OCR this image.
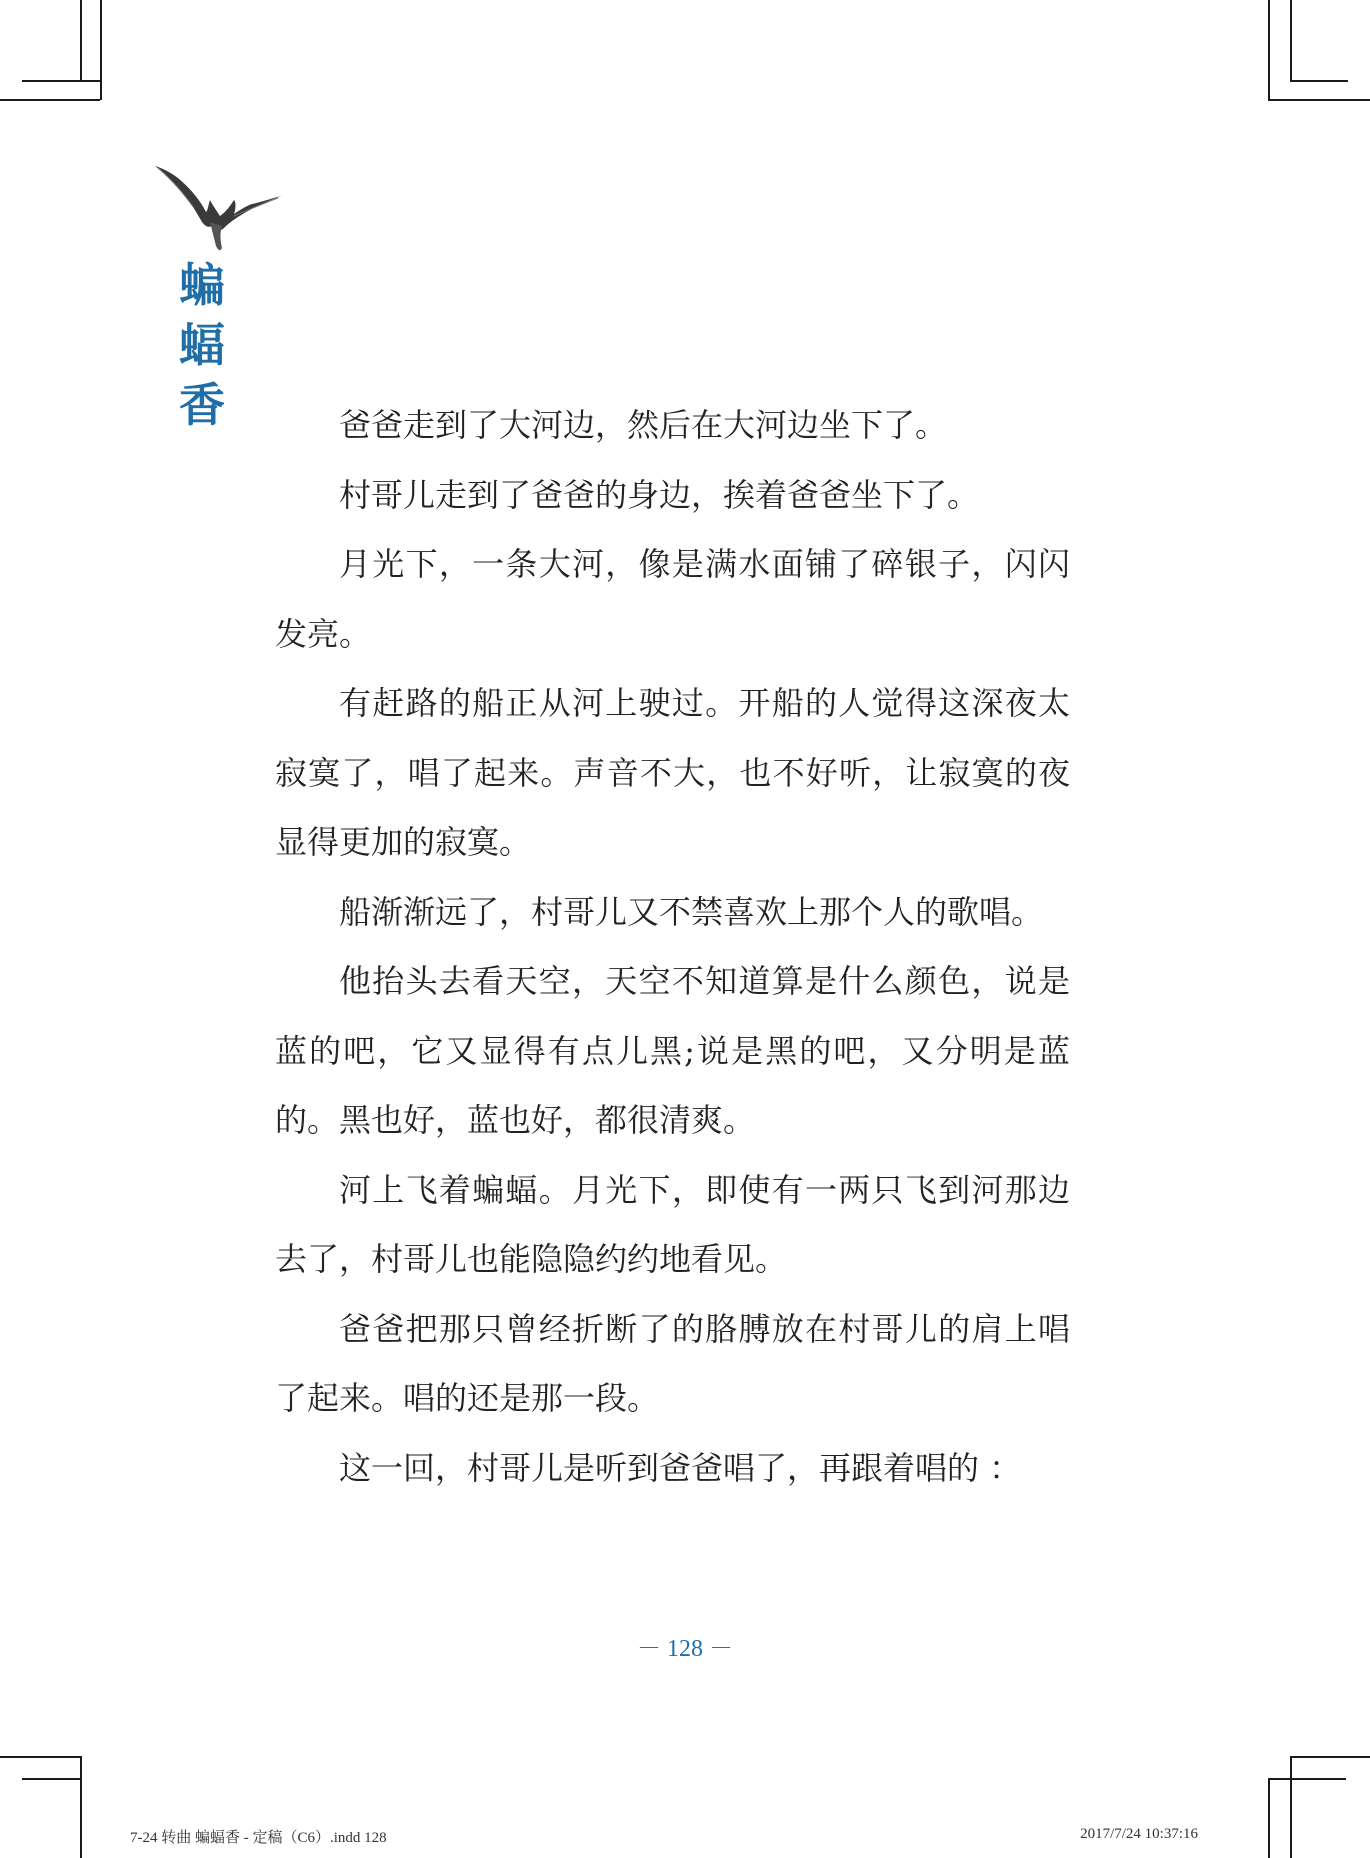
蝙
蝠
香	爸爸走到了大河边，然后在大河边坐下了。

村哥儿走到了爸爸的身边，挨着爸爸坐下了。

月光下，一条大河，像是满水面铺了碎银子，闪闪发亮。

有赶路的船正从河上驶过。开船的人觉得这深夜太寂寞了，唱了起来。声音不大，也不好听，让寂寞的夜显得更加的寂寞。

船渐渐远了，村哥儿又不禁喜欢上那个人的歌唱。

他抬头去看天空，天空不知道算是什么颜色，说是蓝的吧，它又显得有点儿黑;说是黑的吧，又分明是蓝的。黑也好，蓝也好，都很清爽。

河上飞着蝙蝠。月光下，即使有一两只飞到河那边去了，村哥儿也能隐隐约约地看见。

爸爸把那只曾经折断了的胳膊放在村哥儿的肩上唱了起来。唱的还是那一段。

这一回，村哥儿是听到爸爸唱了，再跟着唱的 ：

－ 128 －
7-24 转曲 蝙蝠香 - 定稿（C6）.indd 128	2017/7/24 10:37:16
